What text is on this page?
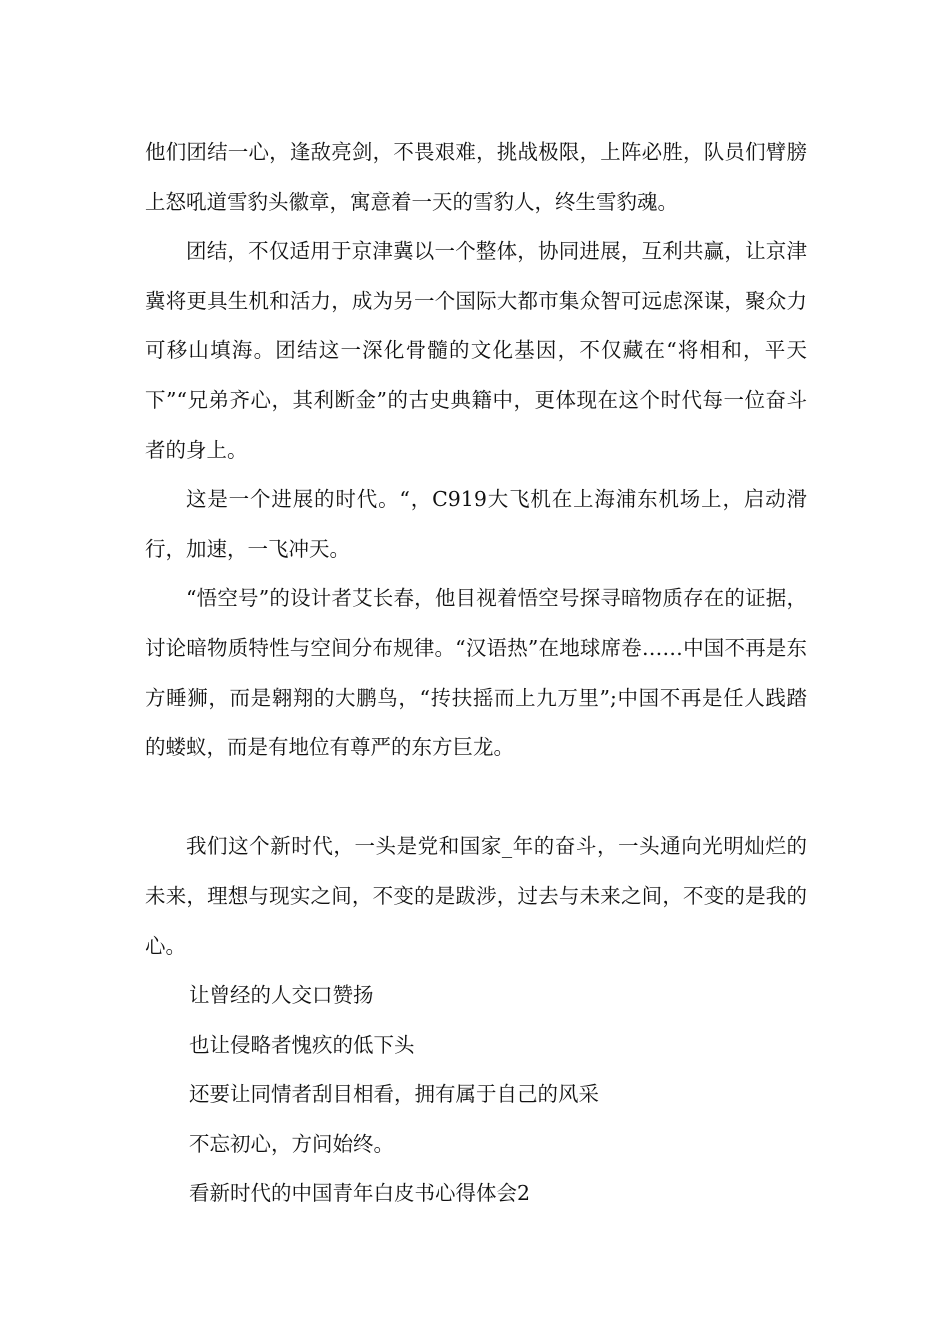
他们团结一心，逢敌亮剑，不畏艰难，挑战极限，上阵必胜，队员们臂膀上怒吼道雪豹头徽章，寓意着一天的雪豹人，终生雪豹魂。

团结，不仅适用于京津冀以一个整体，协同进展，互利共赢，让京津冀将更具生机和活力，成为另一个国际大都市集众智可远虑深谋，聚众力可移山填海。团结这一深化骨髓的文化基因，不仅藏在“将相和，平天下”“兄弟齐心，其利断金”的古史典籍中，更体现在这个时代每一位奋斗者的身上。

这是一个进展的时代。“，C919大飞机在上海浦东机场上，启动滑行，加速，一飞冲天。

“悟空号”的设计者艾长春，他目视着悟空号探寻暗物质存在的证据，讨论暗物质特性与空间分布规律。“汉语热”在地球席卷……中国不再是东方睡狮，而是翱翔的大鹏鸟，“抟扶摇而上九万里”;中国不再是任人践踏的蝼蚁，而是有地位有尊严的东方巨龙。

我们这个新时代，一头是党和国家_年的奋斗，一头通向光明灿烂的未来，理想与现实之间，不变的是跋涉，过去与未来之间，不变的是我的心。

让曾经的人交口赞扬

也让侵略者愧疚的低下头

还要让同情者刮目相看，拥有属于自己的风采

不忘初心，方问始终。

看新时代的中国青年白皮书心得体会2
